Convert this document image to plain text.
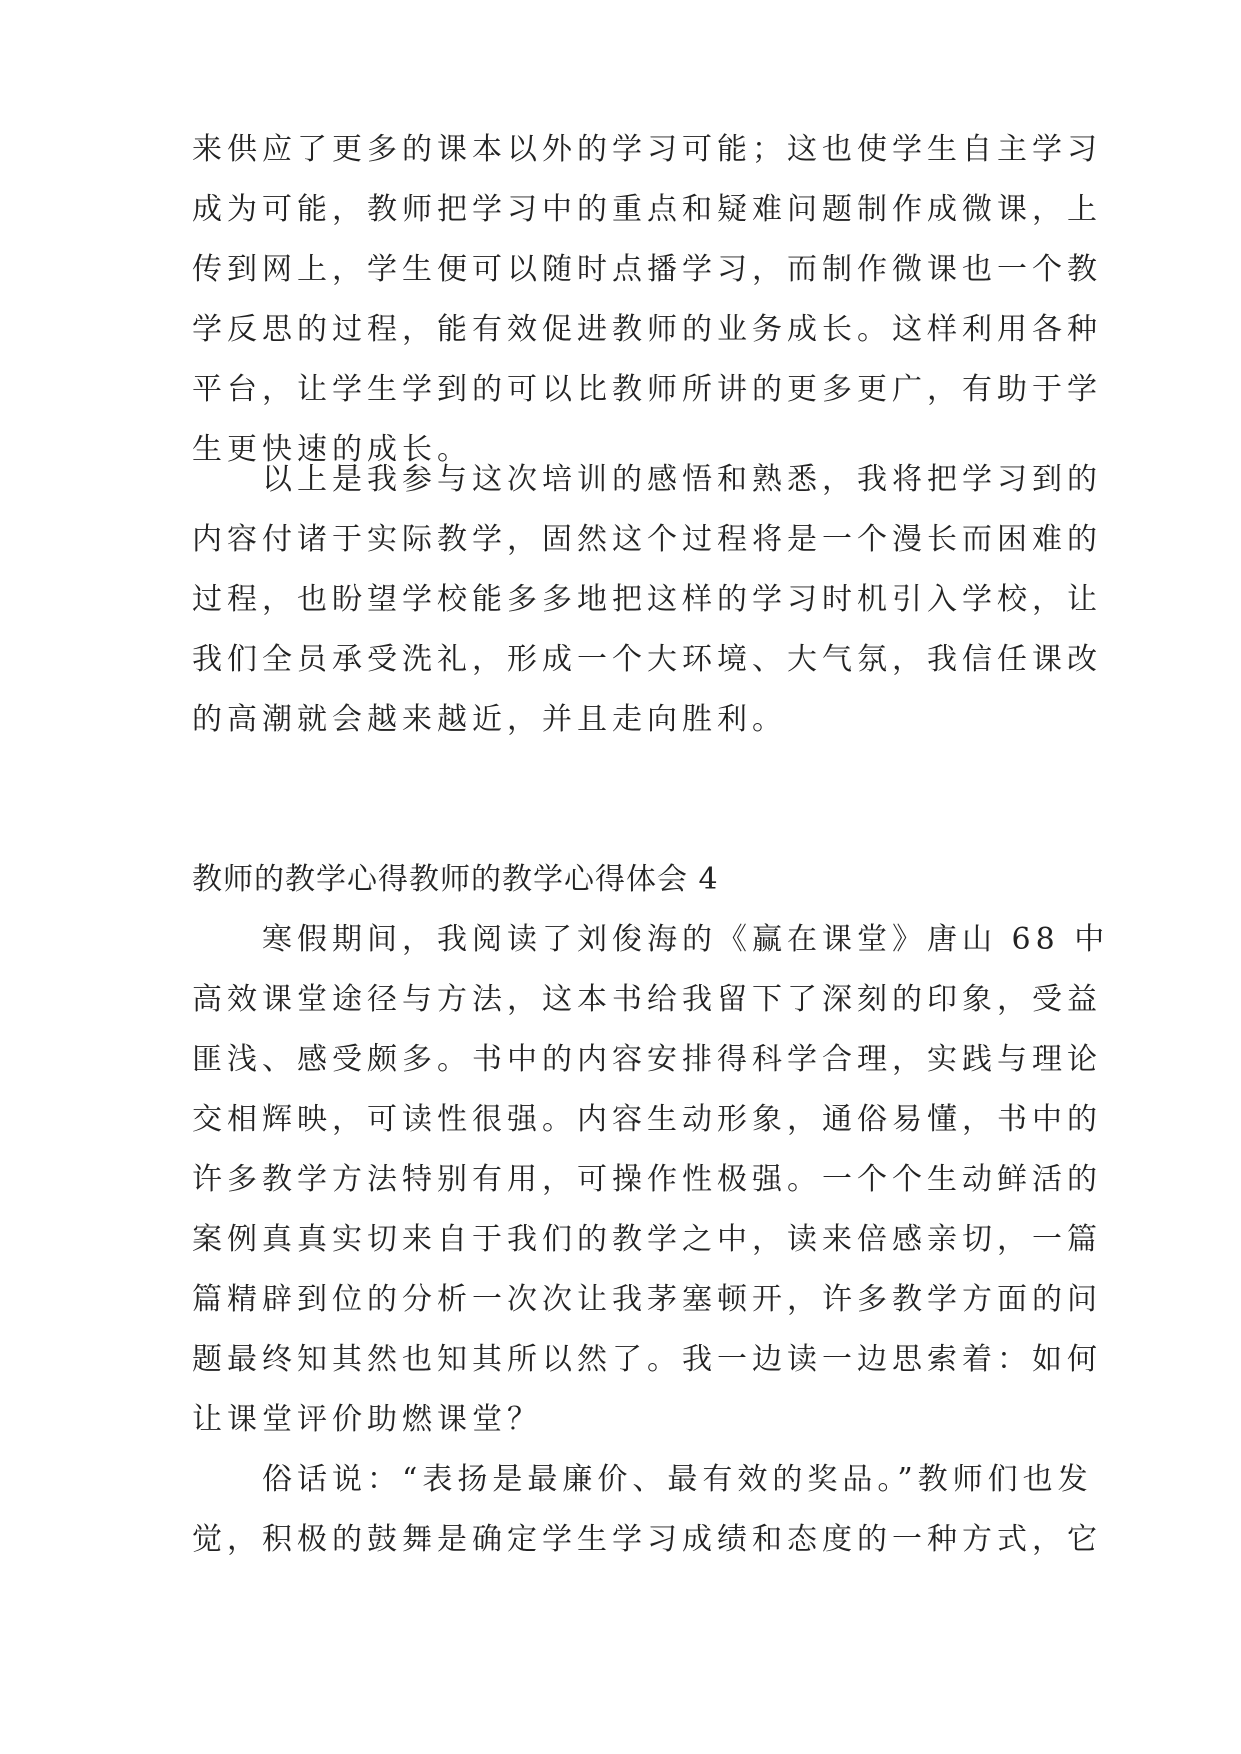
来供应了更多的课本以外的学习可能；这也使学生自主学习
成为可能，教师把学习中的重点和疑难问题制作成微课，上
传到网上，学生便可以随时点播学习，而制作微课也一个教
学反思的过程，能有效促进教师的业务成长。这样利用各种
平台，让学生学到的可以比教师所讲的更多更广，有助于学
生更快速的成长。
　　以上是我参与这次培训的感悟和熟悉，我将把学习到的
内容付诸于实际教学，固然这个过程将是一个漫长而困难的
过程，也盼望学校能多多地把这样的学习时机引入学校，让
我们全员承受洗礼，形成一个大环境、大气氛，我信任课改
的高潮就会越来越近，并且走向胜利。
教师的教学心得教师的教学心得体会 4
　　寒假期间，我阅读了刘俊海的《赢在课堂》唐山 68 中
高效课堂途径与方法，这本书给我留下了深刻的印象，受益
匪浅、感受颇多。书中的内容安排得科学合理，实践与理论
交相辉映，可读性很强。内容生动形象，通俗易懂，书中的
许多教学方法特别有用，可操作性极强。一个个生动鲜活的
案例真真实切来自于我们的教学之中，读来倍感亲切，一篇
篇精辟到位的分析一次次让我茅塞顿开，许多教学方面的问
题最终知其然也知其所以然了。我一边读一边思索着：如何
让课堂评价助燃课堂？
　　俗话说：“表扬是最廉价、最有效的奖品。”教师们也发
觉，积极的鼓舞是确定学生学习成绩和态度的一种方式，它
